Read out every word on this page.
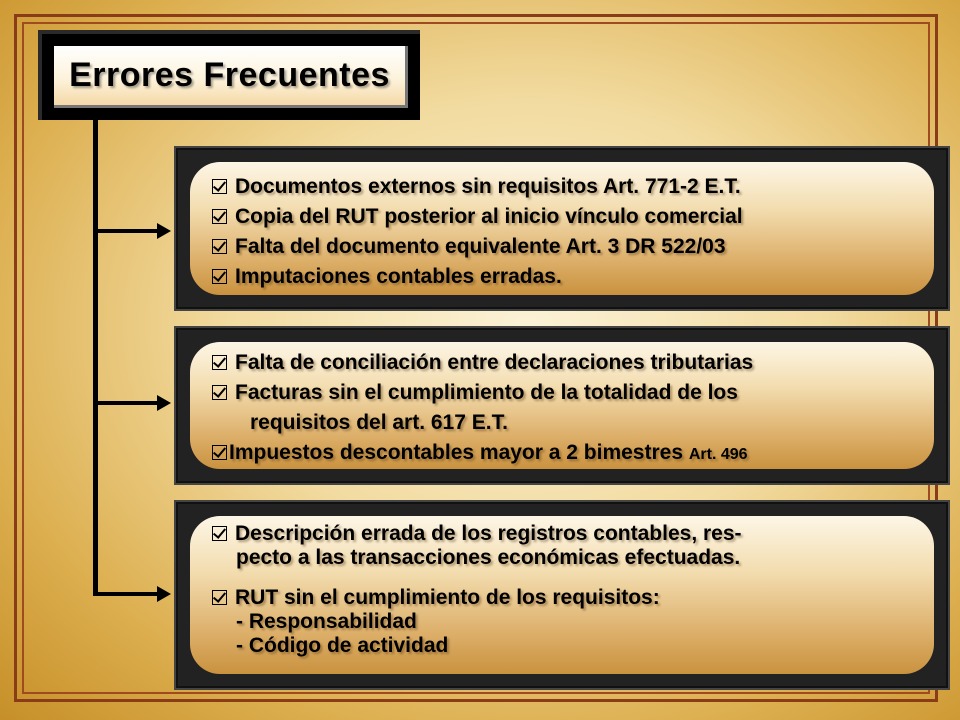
Errores Frecuentes
Documentos externos sin requisitos Art. 771-2 E.T.
Copia del RUT posterior al inicio vínculo comercial
Falta del documento equivalente Art. 3 DR 522/03
Imputaciones contables erradas.
Falta de conciliación entre declaraciones tributarias
Facturas sin el cumplimiento de la totalidad de los
requisitos del art. 617 E.T.
Impuestos descontables mayor a 2 bimestres Art. 496
Descripción errada de los registros contables, res-
pecto a las transacciones económicas efectuadas.
RUT sin el cumplimiento de los requisitos:
- Responsabilidad
- Código de actividad
